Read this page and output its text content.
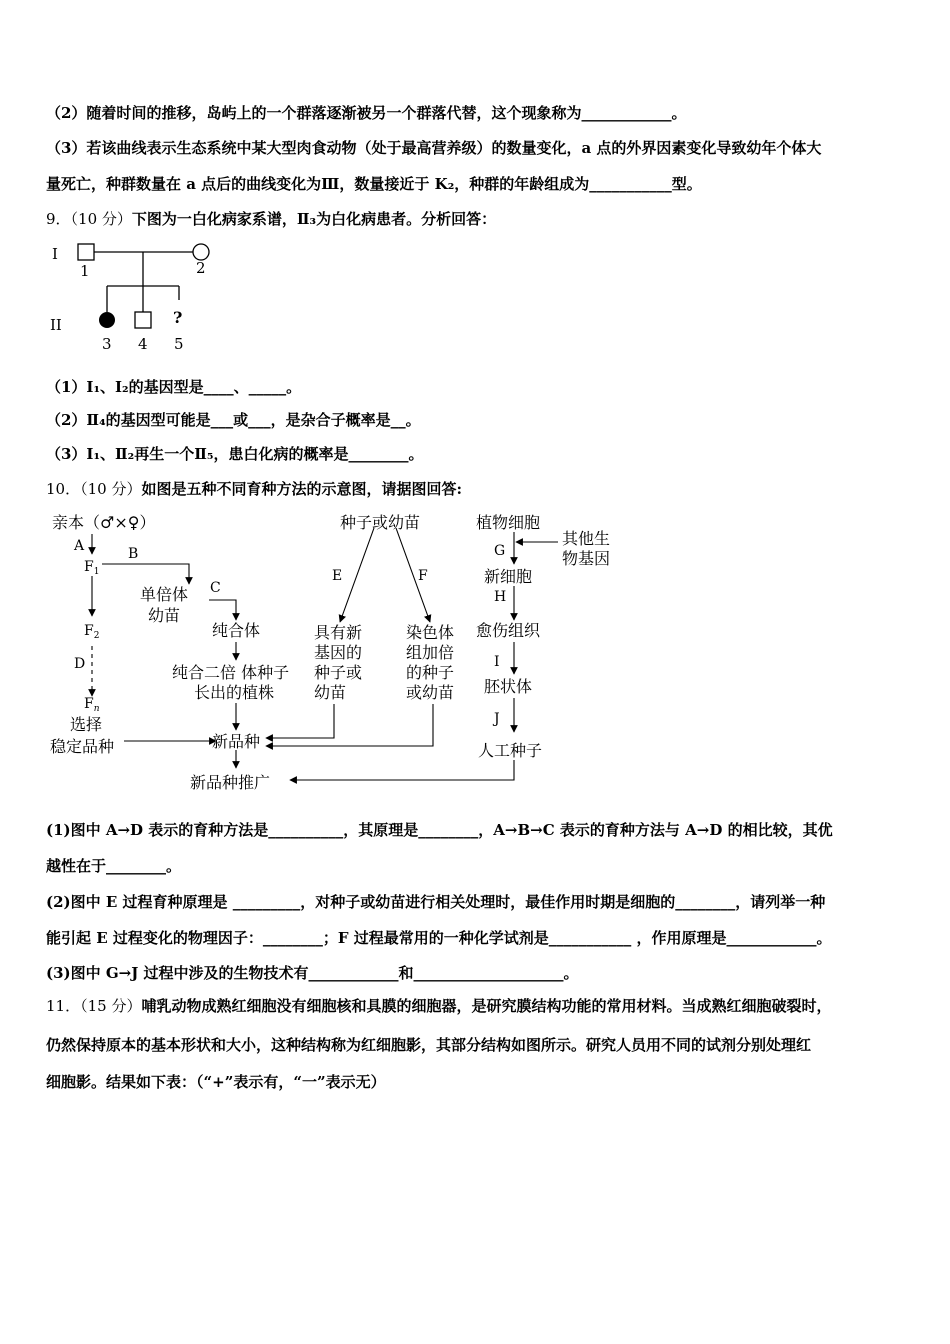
（2）随着时间的推移，岛屿上的一个群落逐渐被另一个群落代替，这个现象称为____________。
（3）若该曲线表示生态系统中某大型肉食动物（处于最高营养级）的数量变化，a 点的外界因素变化导致幼年个体大
量死亡，种群数量在 a 点后的曲线变化为Ⅲ，数量接近于 K₂，种群的年龄组成为___________型。
9．（10 分）下图为一白化病家系谱，Ⅱ₃为白化病患者。分析回答：
I
II
1	2
3 4 5
?
（1）Ⅰ₁、Ⅰ₂的基因型是____、_____。
（2）Ⅱ₄的基因型可能是___或___，是杂合子概率是__。
（3）Ⅰ₁、Ⅱ₂再生一个Ⅱ₅，患白化病的概率是________。
10．（10 分）如图是五种不同育种方法的示意图，请据图回答:
亲本（♂×♀）
A	B
$F_1$
单倍体
幼苗
C
$F_2$
D
$F_n$
纯合体
纯合二倍 体种子
长出的植株
选择
稳定品种	新品种
新品种推广
种子或幼苗
E	F
具有新
基因的
种子或
幼苗
染色体
组加倍
的种子
或幼苗
植物细胞
其他生
物基因
G
新细胞
H
愈伤组织
I
胚状体
J
人工种子
(1)图中 A→D 表示的育种方法是__________，其原理是________，A→B→C 表示的育种方法与 A→D 的相比较，其优
越性在于________。
(2)图中 E 过程育种原理是 _________，对种子或幼苗进行相关处理时，最佳作用时期是细胞的________，请列举一种
能引起 E 过程变化的物理因子：________；F 过程最常用的一种化学试剂是___________ ，作用原理是____________。
(3)图中 G→J 过程中涉及的生物技术有____________和____________________。
11．（15 分）哺乳动物成熟红细胞没有细胞核和具膜的细胞器，是研究膜结构功能的常用材料。当成熟红细胞破裂时，
仍然保持原本的基本形状和大小，这种结构称为红细胞影，其部分结构如图所示。研究人员用不同的试剂分别处理红
细胞影。结果如下表：（“+”表示有，“一”表示无）
